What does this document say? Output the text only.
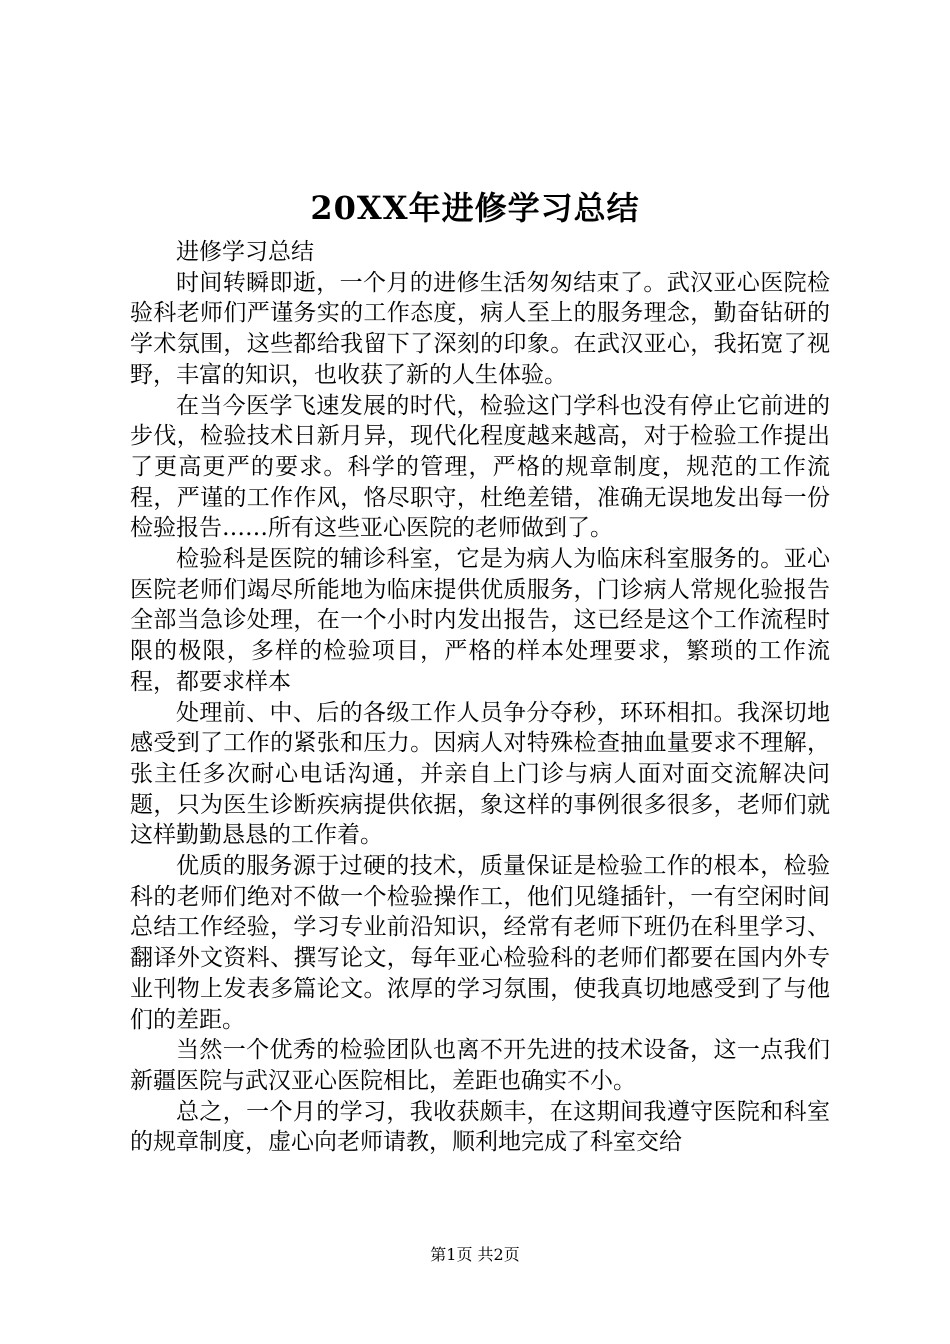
20XX年进修学习总结

进修学习总结

时间转瞬即逝，一个月的进修生活匆匆结束了。武汉亚心医院检验科老师们严谨务实的工作态度，病人至上的服务理念，勤奋钻研的学术氛围，这些都给我留下了深刻的印象。在武汉亚心，我拓宽了视野，丰富的知识，也收获了新的人生体验。

在当今医学飞速发展的时代，检验这门学科也没有停止它前进的步伐，检验技术日新月异，现代化程度越来越高，对于检验工作提出了更高更严的要求。科学的管理，严格的规章制度，规范的工作流程，严谨的工作作风，恪尽职守，杜绝差错，准确无误地发出每一份检验报告……所有这些亚心医院的老师做到了。

检验科是医院的辅诊科室，它是为病人为临床科室服务的。亚心医院老师们竭尽所能地为临床提供优质服务，门诊病人常规化验报告全部当急诊处理，在一个小时内发出报告，这已经是这个工作流程时限的极限，多样的检验项目，严格的样本处理要求，繁琐的工作流程，都要求样本

处理前、中、后的各级工作人员争分夺秒，环环相扣。我深切地感受到了工作的紧张和压力。因病人对特殊检查抽血量要求不理解，张主任多次耐心电话沟通，并亲自上门诊与病人面对面交流解决问题，只为医生诊断疾病提供依据，象这样的事例很多很多，老师们就这样勤勤恳恳的工作着。

优质的服务源于过硬的技术，质量保证是检验工作的根本，检验科的老师们绝对不做一个检验操作工，他们见缝插针，一有空闲时间总结工作经验，学习专业前沿知识，经常有老师下班仍在科里学习、翻译外文资料、撰写论文，每年亚心检验科的老师们都要在国内外专业刊物上发表多篇论文。浓厚的学习氛围，使我真切地感受到了与他们的差距。

当然一个优秀的检验团队也离不开先进的技术设备，这一点我们新疆医院与武汉亚心医院相比，差距也确实不小。

总之，一个月的学习，我收获颇丰，在这期间我遵守医院和科室的规章制度，虚心向老师请教，顺利地完成了科室交给

第1页 共2页
